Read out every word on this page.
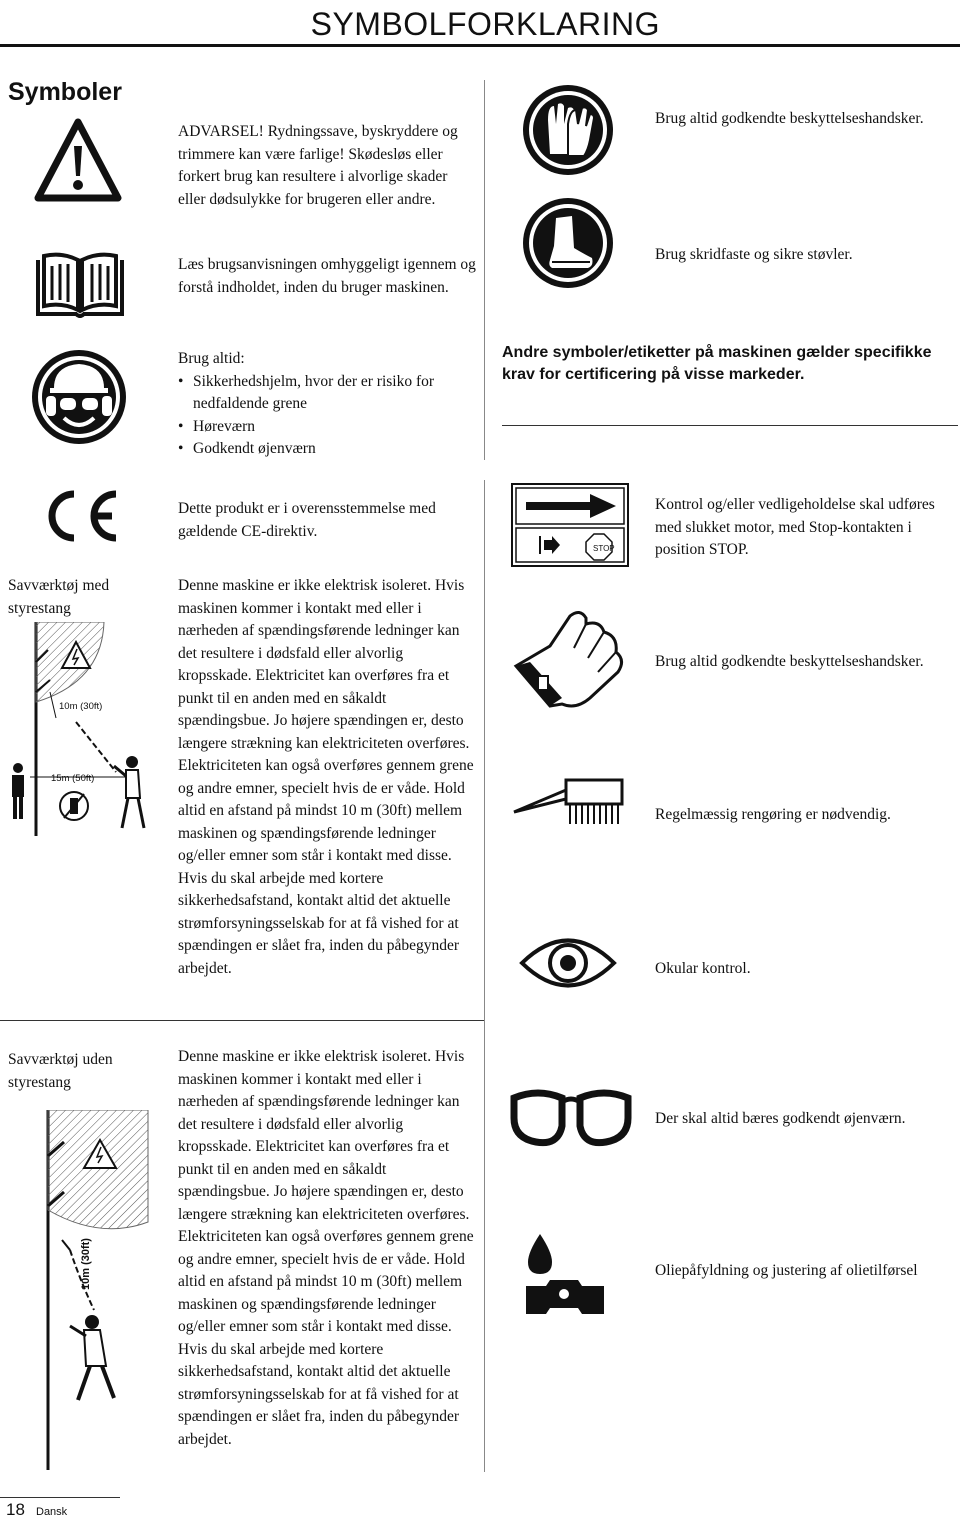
SYMBOLFORKLARING
Symboler
ADVARSEL! Rydningssave, byskryddere og trimmere kan være farlige! Skødesløs eller forkert brug kan resultere i alvorlige skader eller dødsulykke for brugeren eller andre.
Læs brugsanvisningen omhyggeligt igennem og forstå indholdet, inden du bruger maskinen.
Brug altid:
• Sikkerhedshjelm, hvor der er risiko for nedfaldende grene
• Høreværn
• Godkendt øjenværn
Dette produkt er i overensstemmelse med gældende CE-direktiv.
Savværktøj med styrestang
10m (30ft)
15m (50ft)
Denne maskine er ikke elektrisk isoleret. Hvis maskinen kommer i kontakt med eller i nærheden af spændingsførende ledninger kan det resultere i dødsfald eller alvorlig kropsskade. Elektricitet kan overføres fra et punkt til en anden med en såkaldt spændingsbue. Jo højere spændingen er, desto længere strækning kan elektriciteten overføres. Elektriciteten kan også overføres gennem grene og andre emner, specielt hvis de er våde. Hold altid en afstand på mindst 10 m (30ft) mellem maskinen og spændingsførende ledninger og/eller emner som står i kontakt med disse. Hvis du skal arbejde med kortere sikkerhedsafstand, kontakt altid det aktuelle strømforsyningsselskab for at få vished for at spændingen er slået fra, inden du påbegynder arbejdet.
Savværktøj uden styrestang
10m (30ft)
Denne maskine er ikke elektrisk isoleret. Hvis maskinen kommer i kontakt med eller i nærheden af spændingsførende ledninger kan det resultere i dødsfald eller alvorlig kropsskade. Elektricitet kan overføres fra et punkt til en anden med en såkaldt spændingsbue. Jo højere spændingen er, desto længere strækning kan elektriciteten overføres. Elektriciteten kan også overføres gennem grene og andre emner, specielt hvis de er våde. Hold altid en afstand på mindst 10 m (30ft) mellem maskinen og spændingsførende ledninger og/eller emner som står i kontakt med disse. Hvis du skal arbejde med kortere sikkerhedsafstand, kontakt altid det aktuelle strømforsyningsselskab for at få vished for at spændingen er slået fra, inden du påbegynder arbejdet.
Brug altid godkendte beskyttelseshandsker.
Brug skridfaste og sikre støvler.
Andre symboler/etiketter på maskinen gælder specifikke krav for certificering på visse markeder.
STOP
Kontrol og/eller vedligeholdelse skal udføres med slukket motor, med Stop-kontakten i position STOP.
Brug altid godkendte beskyttelseshandsker.
Regelmæssig rengøring er nødvendig.
Okular kontrol.
Der skal altid bæres godkendt øjenværn.
Oliepåfyldning og justering af olietilførsel
18 Dansk
